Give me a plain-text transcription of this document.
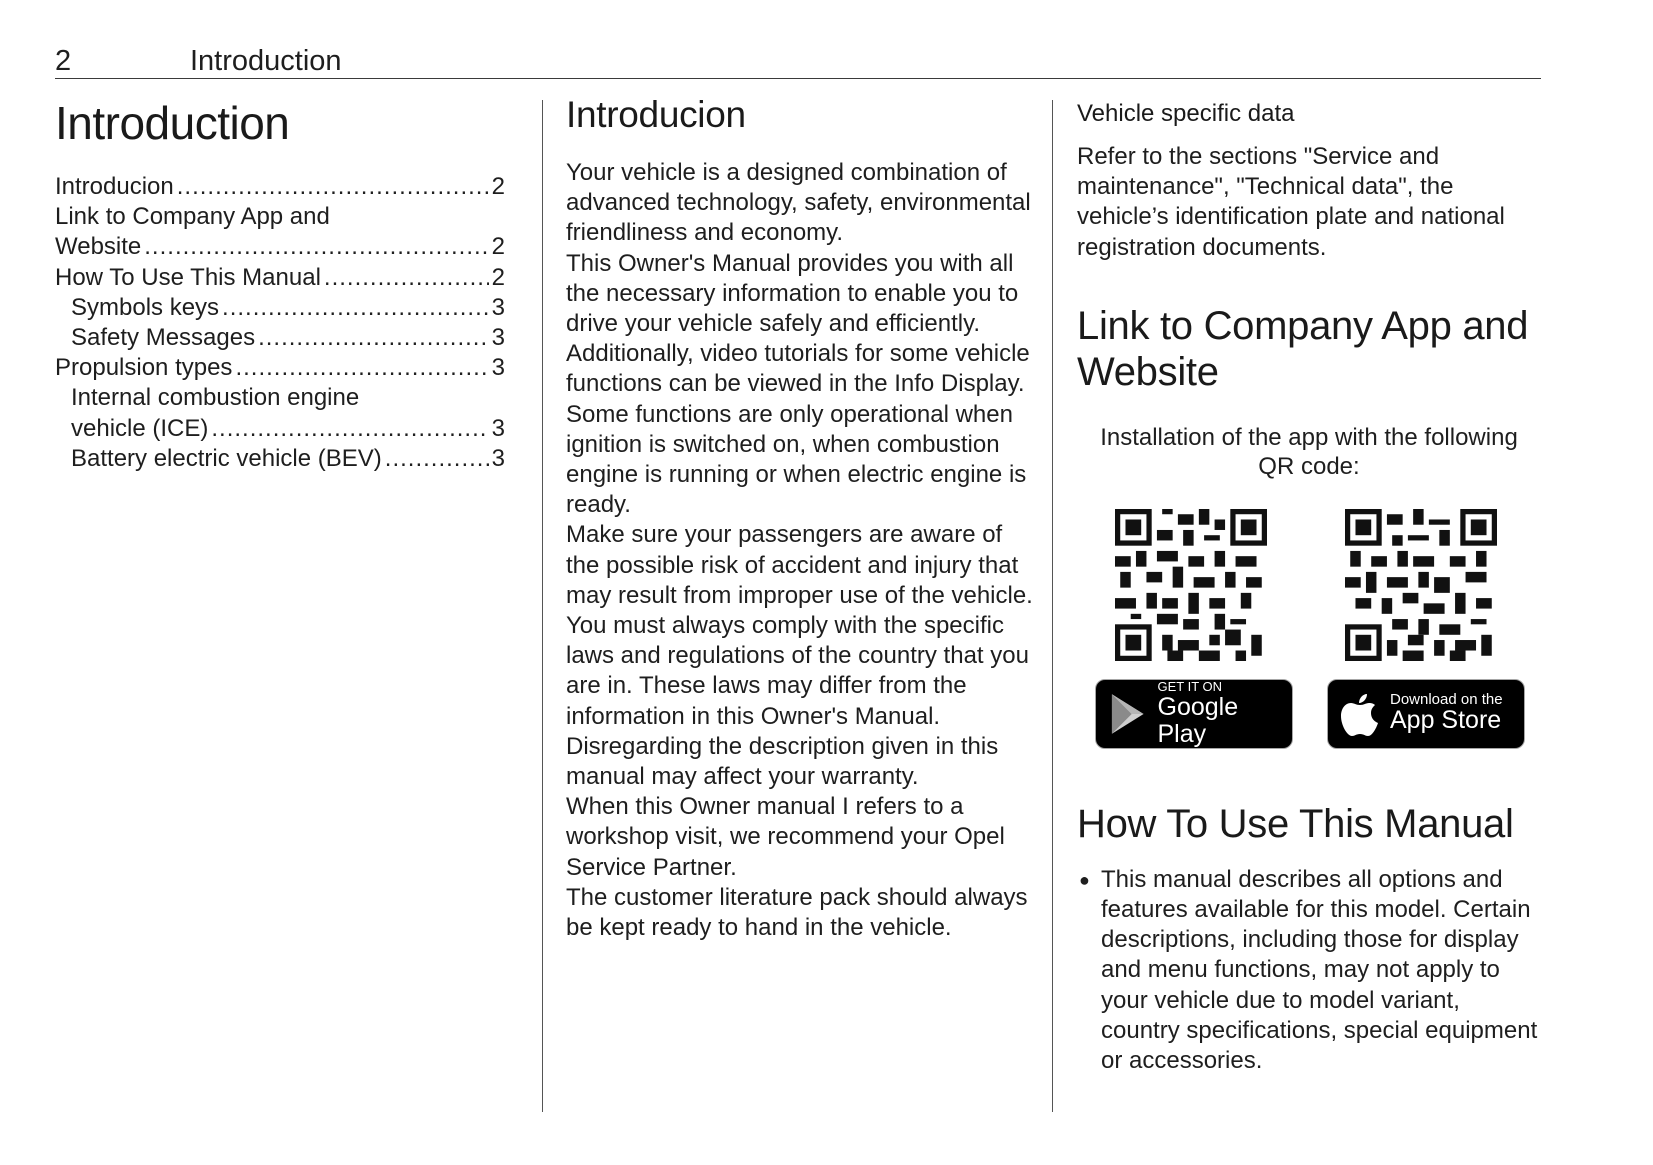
2	Introduction
Introduction
Introducion .....	2
Link to Company App and
Website .....	2
How To Use This Manual .....	2
Symbols keys .....	3
Safety Messages .....	3
Propulsion types .....	3
Internal combustion engine
vehicle (ICE) .....	3
Battery electric vehicle (BEV) .....	3
Introducion

Your vehicle is a designed combination of advanced technology, safety, environmental friendliness and economy.

This Owner's Manual provides you with all the necessary information to enable you to drive your vehicle safely and efficiently.

Additionally, video tutorials for some vehicle functions can be viewed in the Info Display.

Some functions are only operational when ignition is switched on, when combustion engine is running or when electric engine is ready.

Make sure your passengers are aware of the possible risk of accident and injury that may result from improper use of the vehicle.

You must always comply with the specific laws and regulations of the country that you are in. These laws may differ from the information in this Owner's Manual.

Disregarding the description given in this manual may affect your warranty.

When this Owner manual I refers to a workshop visit, we recommend your Opel Service Partner.

The customer literature pack should always be kept ready to hand in the vehicle.

Vehicle specific data
Refer to the sections "Service and maintenance", "Technical data", the vehicle’s identification plate and national registration documents.
Link to Company App and Website
Installation of the app with the following QR code:
GET IT ON
Google Play
Download on the
App Store
How To Use This Manual
● This manual describes all options and features available for this model. Certain descriptions, including those for display and menu functions, may not apply to your vehicle due to model variant, country specifications, special equipment or accessories.
